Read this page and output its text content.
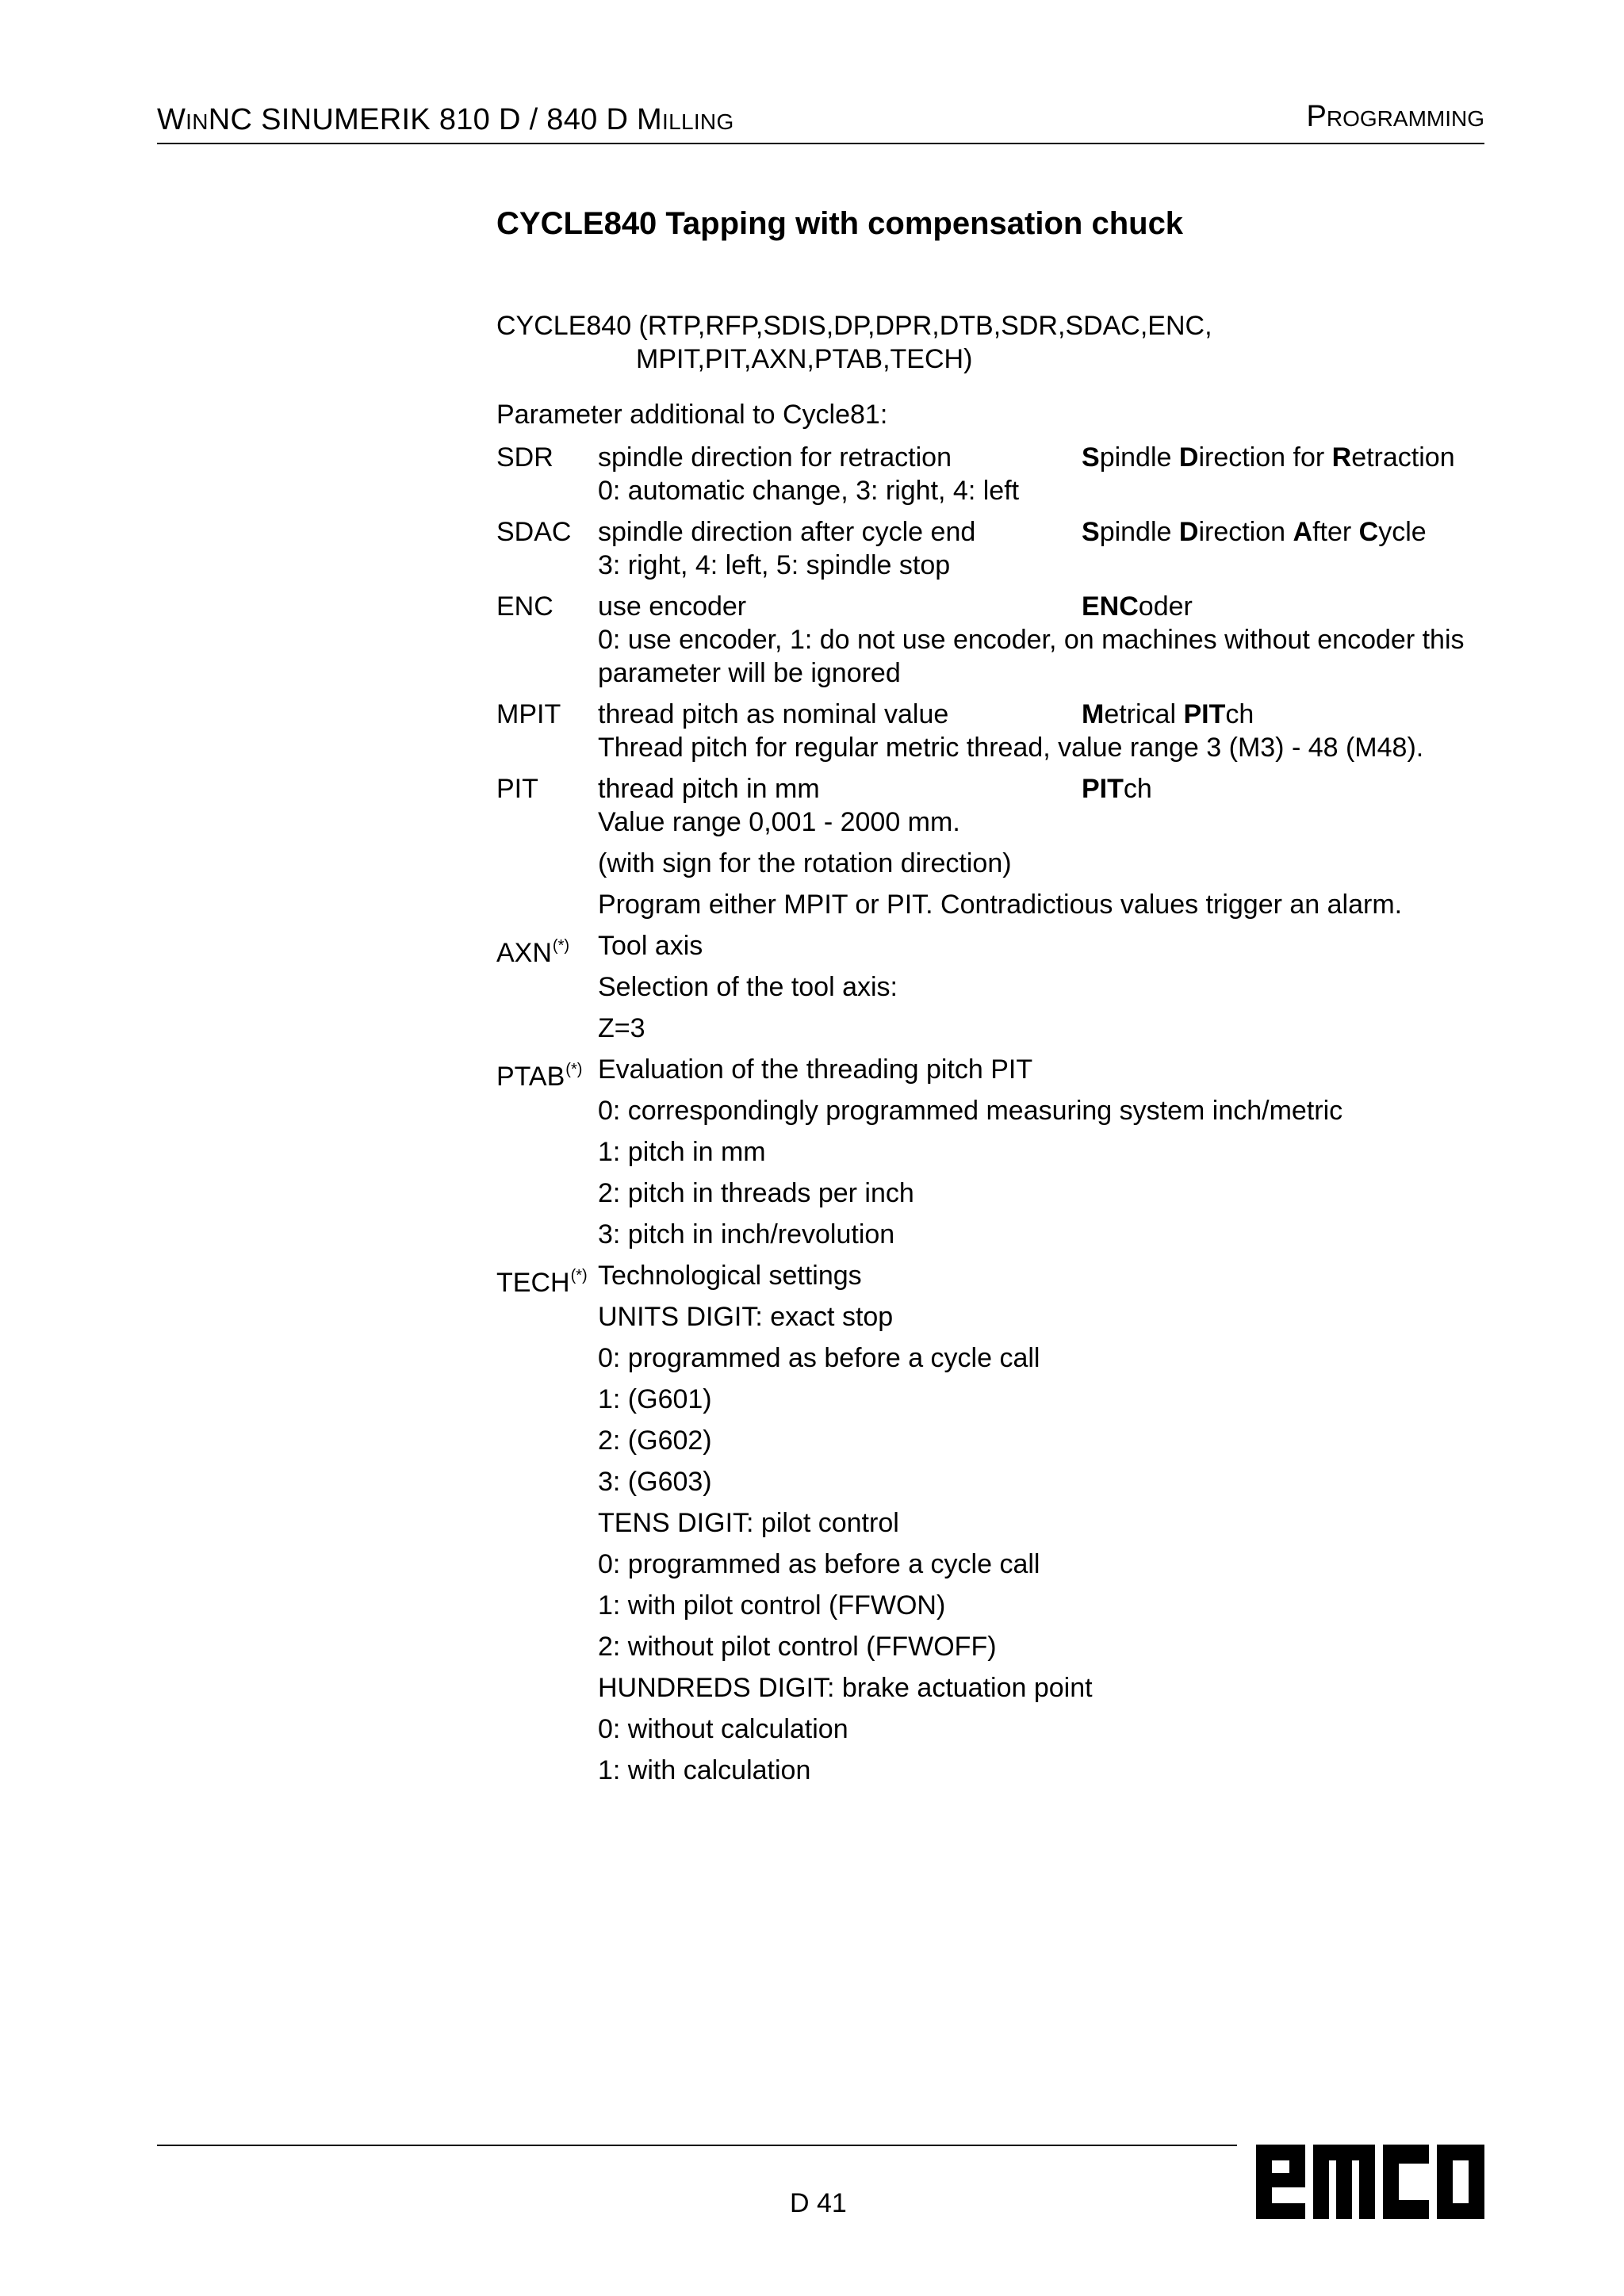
WINNC SINUMERIK 810 D / 840 D MILLING	PROGRAMMING
CYCLE840 Tapping with compensation chuck
CYCLE840 (RTP,RFP,SDIS,DP,DPR,DTB,SDR,SDAC,ENC,
MPIT,PIT,AXN,PTAB,TECH)
Parameter additional to Cycle81:
SDR	spindle direction for retraction	Spindle Direction for Retraction
0: automatic change, 3: right, 4: left
SDAC spindle direction after cycle end	Spindle Direction After Cycle
3: right, 4: left, 5: spindle stop
ENC	use encoder	ENCoder
0: use encoder, 1: do not use encoder, on machines without encoder this
parameter will be ignored
MPIT	thread pitch as nominal value	Metrical PITch
Thread pitch for regular metric thread, value range 3 (M3) - 48 (M48).
PIT	thread pitch in mm	PITch
Value range 0,001 - 2000 mm.
(with sign for the rotation direction)
Program either MPIT or PIT. Contradictious values trigger an alarm.
AXN(*)	Tool axis
Selection of the tool axis:
Z=3
PTAB(*) Evaluation of the threading pitch PIT
0: correspondingly programmed measuring system inch/metric
1: pitch in mm
2: pitch in threads per inch
3: pitch in inch/revolution
TECH(*) Technological settings
UNITS DIGIT: exact stop
0: programmed as before a cycle call
1: (G601)
2: (G602)
3: (G603)
TENS DIGIT: pilot control
0: programmed as before a cycle call
1: with pilot control (FFWON)
2: without pilot control (FFWOFF)
HUNDREDS DIGIT: brake actuation point
0: without calculation
1: with calculation
D 41
